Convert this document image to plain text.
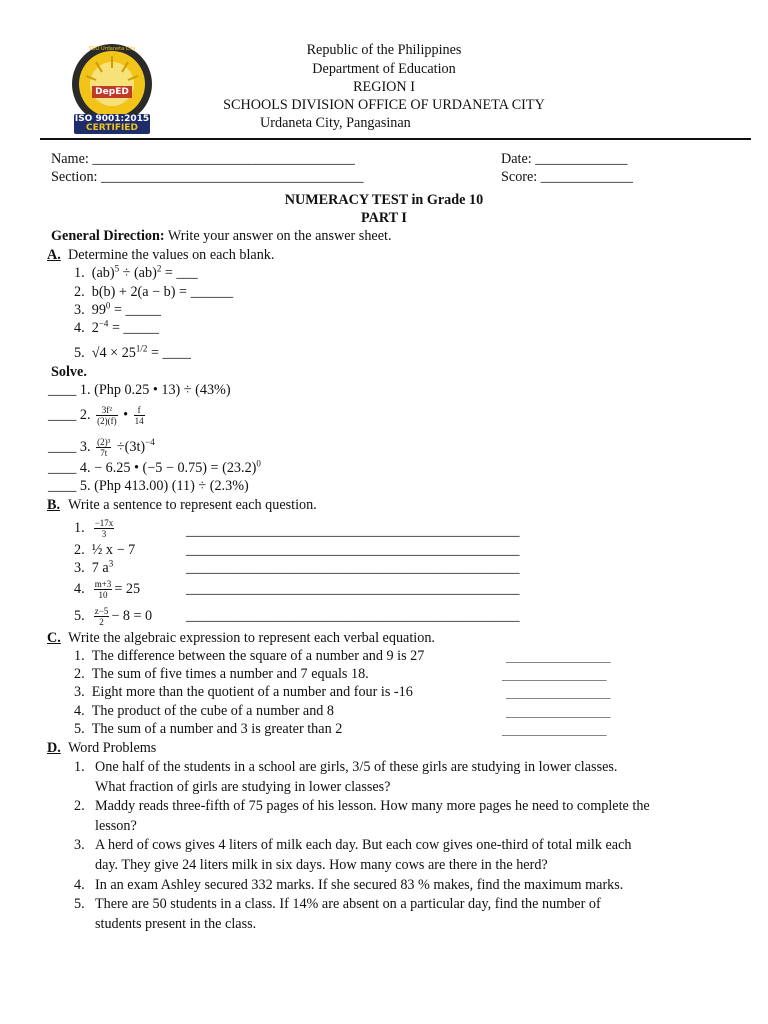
SDO Urdaneta City
DepED
ISO 9001:2015
CERTIFIED
Republic of the Philippines
Department of Education
REGION I
SCHOOLS DIVISION OFFICE OF URDANETA CITY
Urdaneta City, Pangasinan
Name: _____________________________________
Section: _____________________________________
Date: _____________
Score: _____________
NUMERACY TEST in Grade 10
PART I
General Direction: Write your answer on the answer sheet.
A. Determine the values on each blank.
1. (ab)$^5$ ÷ (ab)$^2$ = ___
2. b(b) + 2(a − b) = ______
3. $99^0$ = _____
4. $2^{-4}$ = _____
5. $√4 \times 25^{1/2}$ = ____
Solve.
____ 1. (Php 0.25 • 13) ÷ (43%)
____ 2. $\frac{\text{3f²}}{(2)(f)}$ • $\frac{f}{14}$
____ 3. $\frac{\text{(2)³}}{7t} \div(3t)^{-4}$
____ 4. − 6.25 • $(-5 - 0.75) = (23.2)^0$
____ 5. (Php 413.00) (11) ÷ (2.3%)
B. Write a sentence to represent each question.
1. $\frac{-17x}{3}$
2. ½ x − 7
3. 7 $a^3$
4. $\frac{m+3}{10} = 25$
5. $\frac{z-5}{2} - 8 = 0$
_______________________________________________
_______________________________________________
_______________________________________________
_______________________________________________
_______________________________________________
C. Write the algebraic expression to represent each verbal equation.
1. The difference between the square of a number and 9 is 27
2. The sum of five times a number and 7 equals 18.
3. Eight more than the quotient of a number and four is -16
4. The product of the cube of a number and 8
5. The sum of a number and 3 is greater than 2
___________________
___________________
___________________
___________________
___________________
D. Word Problems
1. One half of the students in a school are girls, 3/5 of these girls are studying in lower classes.
What fraction of girls are studying in lower classes?
2. Maddy reads three-fifth of 75 pages of his lesson. How many more pages he need to complete the
lesson?
3. A herd of cows gives 4 liters of milk each day. But each cow gives one-third of total milk each
day. They give 24 liters milk in six days. How many cows are there in the herd?
4. In an exam Ashley secured 332 marks. If she secured 83 % makes, find the maximum marks.
5. There are 50 students in a class. If 14% are absent on a particular day, find the number of
students present in the class.
